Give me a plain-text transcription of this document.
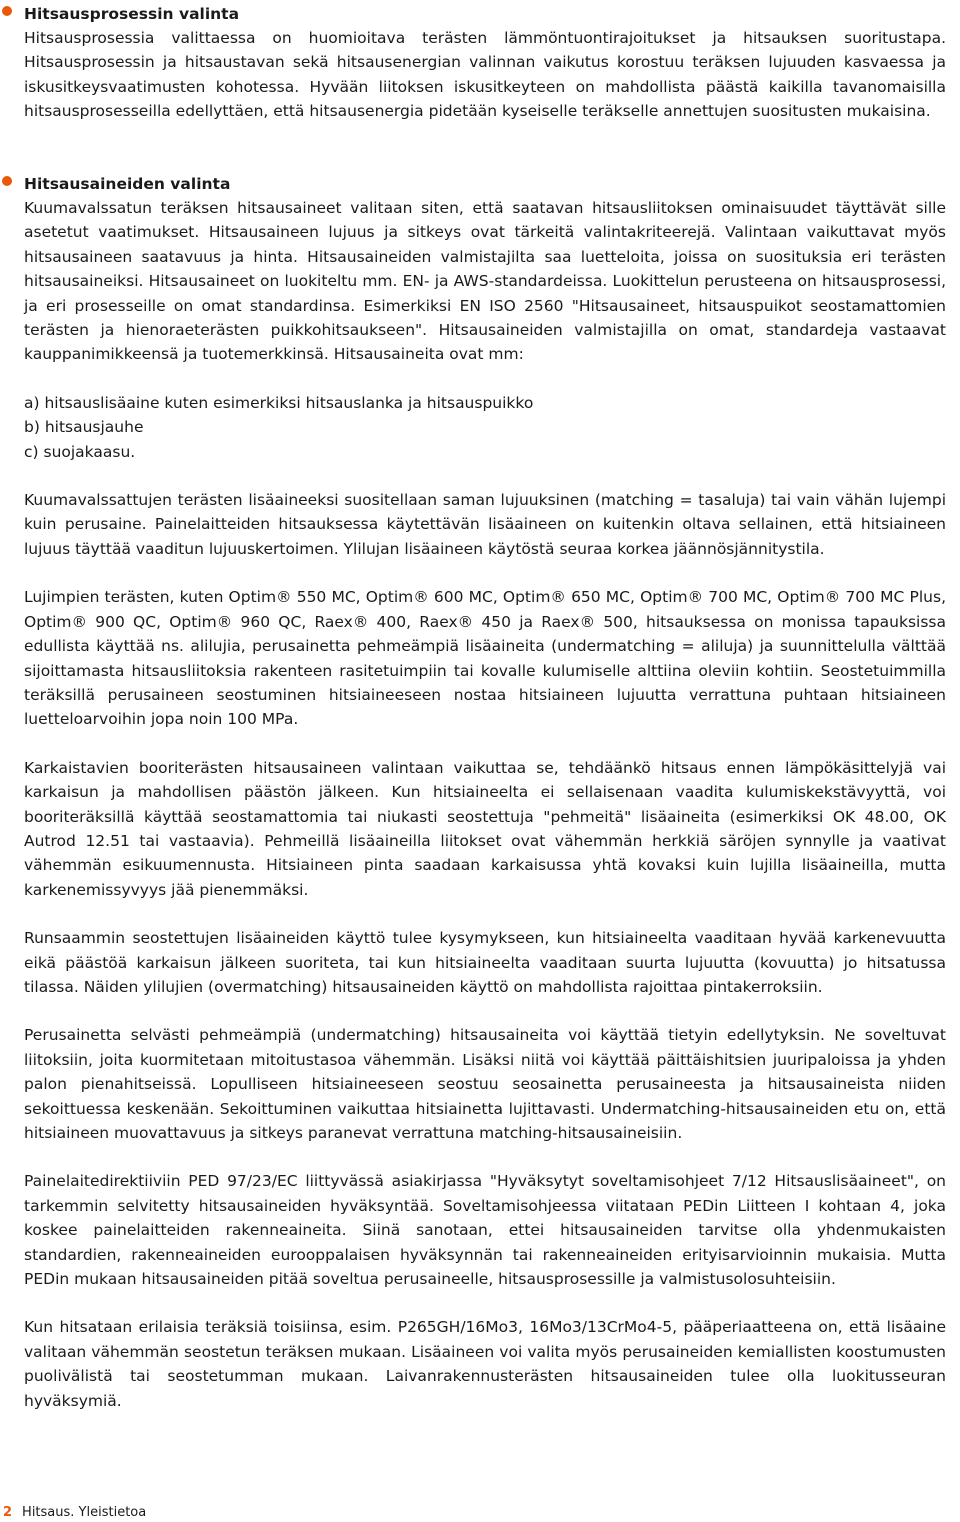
Hitsausprosessin valinta

Hitsausprosessia valittaessa on huomioitava terästen lämmöntuontirajoitukset ja hitsauksen suoritustapa. Hitsausprosessin ja hitsaustavan sekä hitsausenergian valinnan vaikutus korostuu teräksen lujuuden kasvaessa ja iskusitkeysvaatimusten kohotessa. Hyvään liitoksen iskusitkeyteen on mahdollista päästä kaikilla tavanomaisilla hitsausprosesseilla edellyttäen, että hitsausenergia pidetään kyseiselle teräkselle annettujen suositusten mukaisina.

Hitsausaineiden valinta

Kuumavalssatun teräksen hitsausaineet valitaan siten, että saatavan hitsausliitoksen ominaisuudet täyttävät sille asetetut vaatimukset. Hitsausaineen lujuus ja sitkeys ovat tärkeitä valintakriteerejä. Valintaan vaikuttavat myös hitsausaineen saatavuus ja hinta. Hitsausaineiden valmistajilta saa luetteloita, joissa on suosituksia eri terästen hitsausaineiksi. Hitsausaineet on luokiteltu mm. EN- ja AWS-standardeissa. Luokittelun perusteena on hitsausprosessi, ja eri prosesseille on omat standardinsa. Esimerkiksi EN ISO 2560 "Hitsausaineet, hitsauspuikot seostamattomien terästen ja hienoraeterästen puikkohitsaukseen". Hitsausaineiden valmistajilla on omat, standardeja vastaavat kauppanimikkeensä ja tuotemerkkinsä. Hitsausaineita ovat mm:

a) hitsauslisäaine kuten esimerkiksi hitsauslanka ja hitsauspuikko
b) hitsausjauhe
c) suojakaasu.

Kuumavalssattujen terästen lisäaineeksi suositellaan saman lujuuksinen (matching = tasaluja) tai vain vähän lujempi kuin perusaine. Painelaitteiden hitsauksessa käytettävän lisäaineen on kuitenkin oltava sellainen, että hitsiaineen lujuus täyttää vaaditun lujuuskertoimen. Ylilujan lisäaineen käytöstä seuraa korkea jäännösjännitystila.

Lujimpien terästen, kuten Optim® 550 MC, Optim® 600 MC, Optim® 650 MC, Optim® 700 MC, Optim® 700 MC Plus, Optim® 900 QC, Optim® 960 QC, Raex® 400, Raex® 450 ja Raex® 500, hitsauksessa on monissa tapauksissa edullista käyttää ns. alilujia, perusainetta pehmeämpiä lisäaineita (undermatching = aliluja) ja suunnittelulla välttää sijoittamasta hitsausliitoksia rakenteen rasitetuimpiin tai kovalle kulumiselle alttiina oleviin kohtiin. Seostetuimmilla teräksillä perusaineen seostuminen hitsiaineeseen nostaa hitsiaineen lujuutta verrattuna puhtaan hitsiaineen luetteloarvoihin jopa noin 100 MPa.

Karkaistavien booriterästen hitsausaineen valintaan vaikuttaa se, tehdäänkö hitsaus ennen lämpökäsittelyjä vai karkaisun ja mahdollisen päästön jälkeen. Kun hitsiaineelta ei sellaisenaan vaadita kulumiskekstävyyttä, voi booriteräksillä käyttää seostamattomia tai niukasti seostettuja "pehmeitä" lisäaineita (esimerkiksi OK 48.00, OK Autrod 12.51 tai vastaavia). Pehmeillä lisäaineilla liitokset ovat vähemmän herkkiä säröjen synnylle ja vaativat vähemmän esikuumennusta. Hitsiaineen pinta saadaan karkaisussa yhtä kovaksi kuin lujilla lisäaineilla, mutta karkenemissyvyys jää pienemmäksi.

Runsaammin seostettujen lisäaineiden käyttö tulee kysymykseen, kun hitsiaineelta vaaditaan hyvää karkenevuutta eikä päästöä karkaisun jälkeen suoriteta, tai kun hitsiaineelta vaaditaan suurta lujuutta (kovuutta) jo hitsatussa tilassa. Näiden ylilujien (overmatching) hitsausaineiden käyttö on mahdollista rajoittaa pintakerroksiin.

Perusainetta selvästi pehmeämpiä (undermatching) hitsausaineita voi käyttää tietyin edellytyksin. Ne soveltuvat liitoksiin, joita kuormitetaan mitoitustasoa vähemmän. Lisäksi niitä voi käyttää päittäishitsien juuripaloissa ja yhden palon pienahitseissä. Lopulliseen hitsiaineeseen seostuu seosainetta perusaineesta ja hitsausaineista niiden sekoittuessa keskenään. Sekoittuminen vaikuttaa hitsiainetta lujittavasti. Undermatching-hitsausaineiden etu on, että hitsiaineen muovattavuus ja sitkeys paranevat verrattuna matching-hitsausaineisiin.

Painelaitedirektiiviin PED 97/23/EC liittyvässä asiakirjassa "Hyväksytyt soveltamisohjeet 7/12 Hitsauslisäaineet", on tarkemmin selvitetty hitsausaineiden hyväksyntää. Soveltamisohjeessa viitataan PEDin Liitteen I kohtaan 4, joka koskee painelaitteiden rakenneaineita. Siinä sanotaan, ettei hitsausaineiden tarvitse olla yhdenmukaisten standardien, rakenneaineiden eurooppalaisen hyväksynnän tai rakenneaineiden erityisarvioinnin mukaisia. Mutta PEDin mukaan hitsausaineiden pitää soveltua perusaineelle, hitsausprosessille ja valmistusolosuhteisiin.

Kun hitsataan erilaisia teräksiä toisiinsa, esim. P265GH/16Mo3, 16Mo3/13CrMo4-5, pääperiaatteena on, että lisäaine valitaan vähemmän seostetun teräksen mukaan. Lisäaineen voi valita myös perusaineiden kemiallisten koostumusten puolivälistä tai seostetumman mukaan. Laivanrakennusterästen hitsausaineiden tulee olla luokitusseuran hyväksymiä.

2 Hitsaus. Yleistietoa
